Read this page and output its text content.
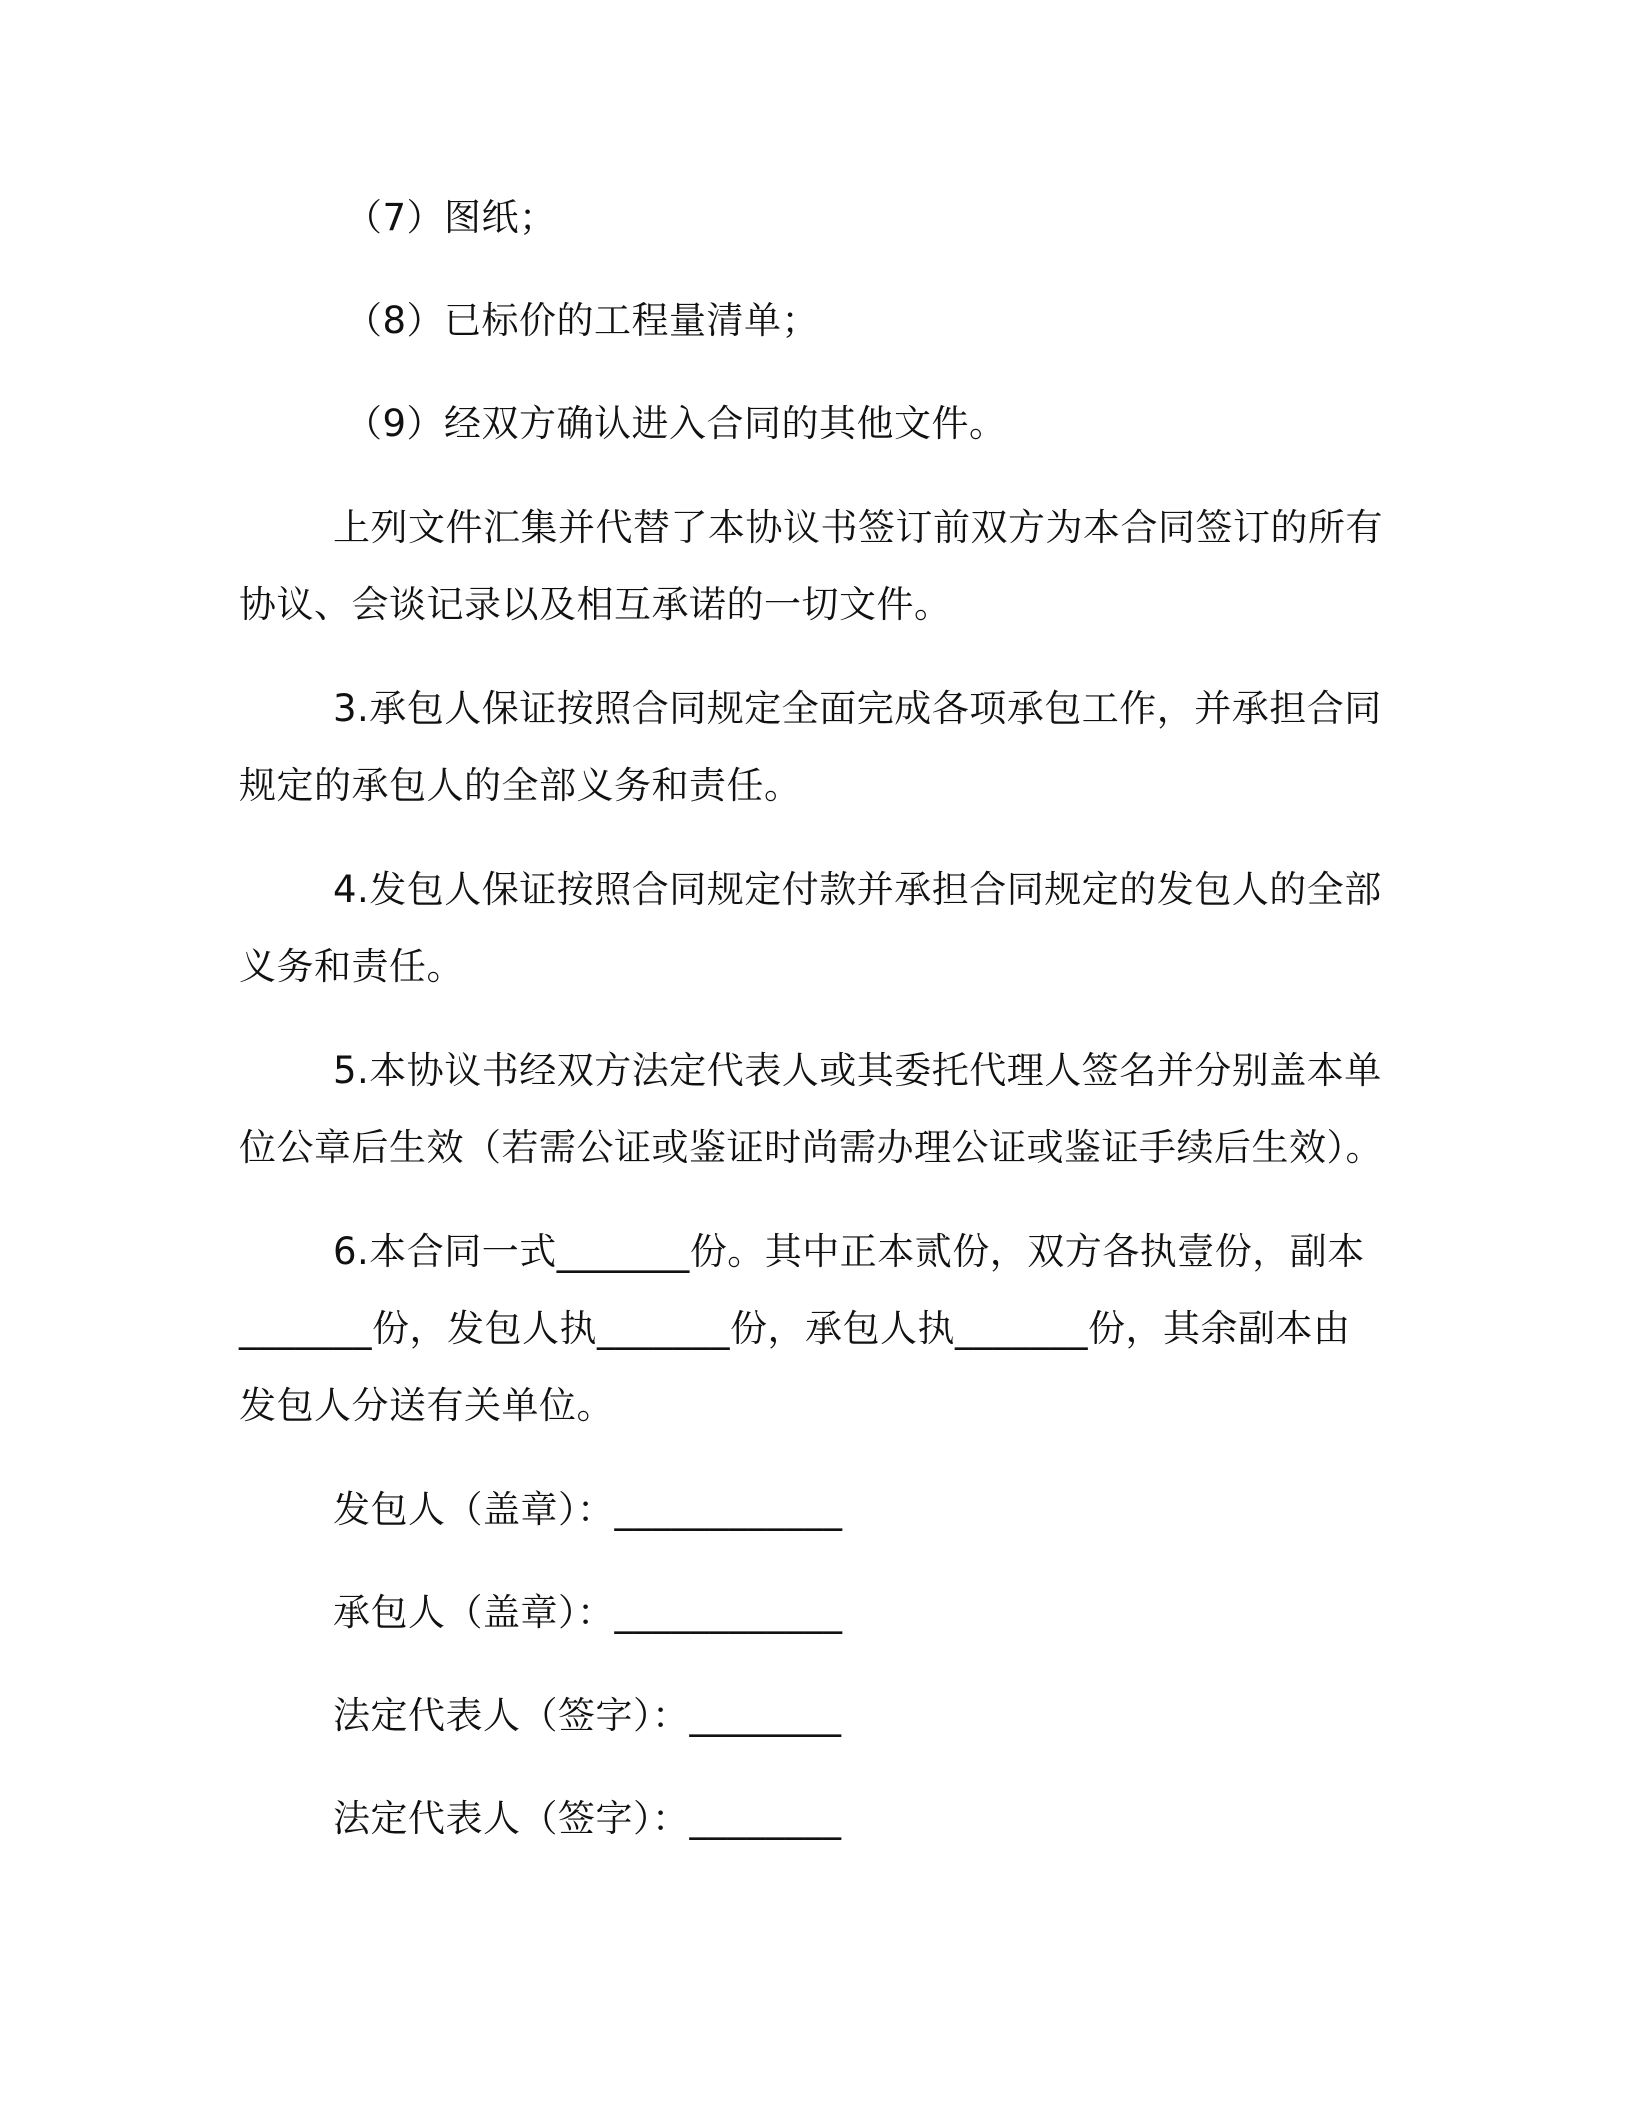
（7）图纸；
（8）已标价的工程量清单；
（9）经双方确认进入合同的其他文件。
上列文件汇集并代替了本协议书签订前双方为本合同签订的所有
协议、会谈记录以及相互承诺的一切文件。
3.承包人保证按照合同规定全面完成各项承包工作，并承担合同
规定的承包人的全部义务和责任。
4.发包人保证按照合同规定付款并承担合同规定的发包人的全部
义务和责任。
5.本协议书经双方法定代表人或其委托代理人签名并分别盖本单
位公章后生效（若需公证或鉴证时尚需办理公证或鉴证手续后生效）。
6.本合同一式_______份。其中正本贰份，双方各执壹份，副本
_______份，发包人执_______份，承包人执_______份，其余副本由
发包人分送有关单位。
发包人（盖章）：____________
承包人（盖章）：____________
法定代表人（签字）：________
法定代表人（签字）：________
